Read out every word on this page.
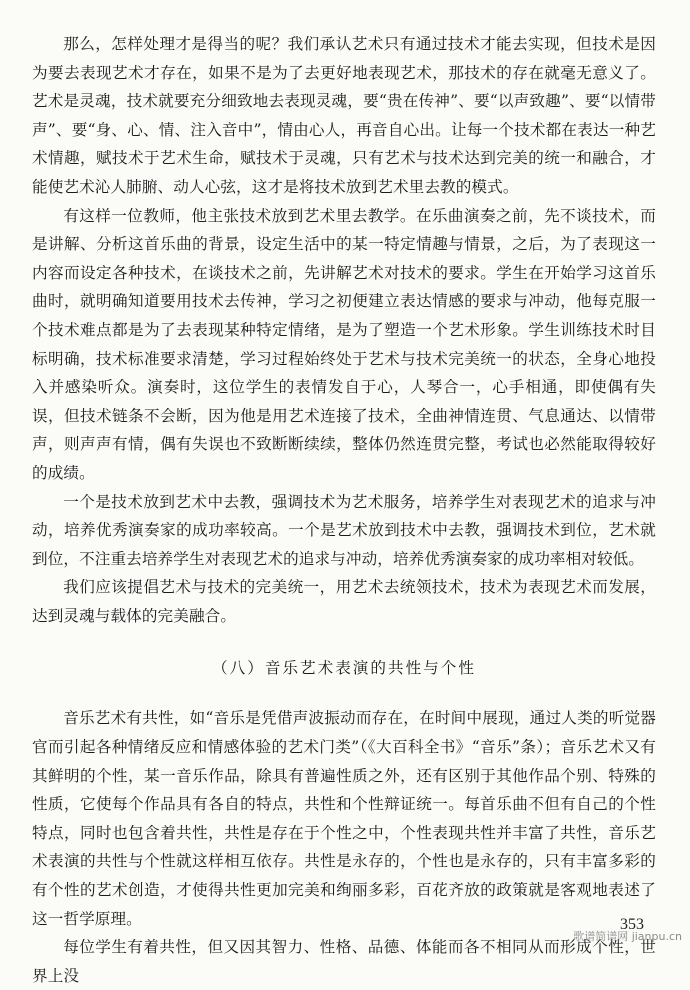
那么，怎样处理才是得当的呢？我们承认艺术只有通过技术才能去实现，但技术是因为要去表现艺术才存在，如果不是为了去更好地表现艺术，那技术的存在就毫无意义了。艺术是灵魂，技术就要充分细致地去表现灵魂，要“贵在传神”、要“以声致趣”、要“以情带声”、要“身、心、情、注入音中”，情由心人，再音自心出。让每一个技术都在表达一种艺术情趣，赋技术于艺术生命，赋技术于灵魂，只有艺术与技术达到完美的统一和融合，才能使艺术沁人肺腑、动人心弦，这才是将技术放到艺术里去教的模式。

有这样一位教师，他主张技术放到艺术里去教学。在乐曲演奏之前，先不谈技术，而是讲解、分析这首乐曲的背景，设定生活中的某一特定情趣与情景，之后，为了表现这一内容而设定各种技术，在谈技术之前，先讲解艺术对技术的要求。学生在开始学习这首乐曲时，就明确知道要用技术去传神，学习之初便建立表达情感的要求与冲动，他每克服一个技术难点都是为了去表现某种特定情绪，是为了塑造一个艺术形象。学生训练技术时目标明确，技术标准要求清楚，学习过程始终处于艺术与技术完美统一的状态，全身心地投入并感染听众。演奏时，这位学生的表情发自于心，人琴合一，心手相通，即使偶有失误，但技术链条不会断，因为他是用艺术连接了技术，全曲神情连贯、气息通达、以情带声，则声声有情，偶有失误也不致断断续续，整体仍然连贯完整，考试也必然能取得较好的成绩。

一个是技术放到艺术中去教，强调技术为艺术服务，培养学生对表现艺术的追求与冲动，培养优秀演奏家的成功率较高。一个是艺术放到技术中去教，强调技术到位，艺术就到位，不注重去培养学生对表现艺术的追求与冲动，培养优秀演奏家的成功率相对较低。

我们应该提倡艺术与技术的完美统一，用艺术去统领技术，技术为表现艺术而发展，达到灵魂与载体的完美融合。

（八）音乐艺术表演的共性与个性

音乐艺术有共性，如“音乐是凭借声波振动而存在，在时间中展现，通过人类的听觉器官而引起各种情绪反应和情感体验的艺术门类”（《大百科全书》“音乐”条）；音乐艺术又有其鲜明的个性，某一音乐作品，除具有普遍性质之外，还有区别于其他作品个别、特殊的性质，它使每个作品具有各自的特点，共性和个性辩证统一。每首乐曲不但有自己的个性特点，同时也包含着共性，共性是存在于个性之中，个性表现共性并丰富了共性，音乐艺术表演的共性与个性就这样相互依存。共性是永存的，个性也是永存的，只有丰富多彩的有个性的艺术创造，才使得共性更加完美和绚丽多彩，百花齐放的政策就是客观地表述了这一哲学原理。

每位学生有着共性，但又因其智力、性格、品德、体能而各不相同从而形成个性，世界上没

353
歌谱简谱网 jianpu.cn
